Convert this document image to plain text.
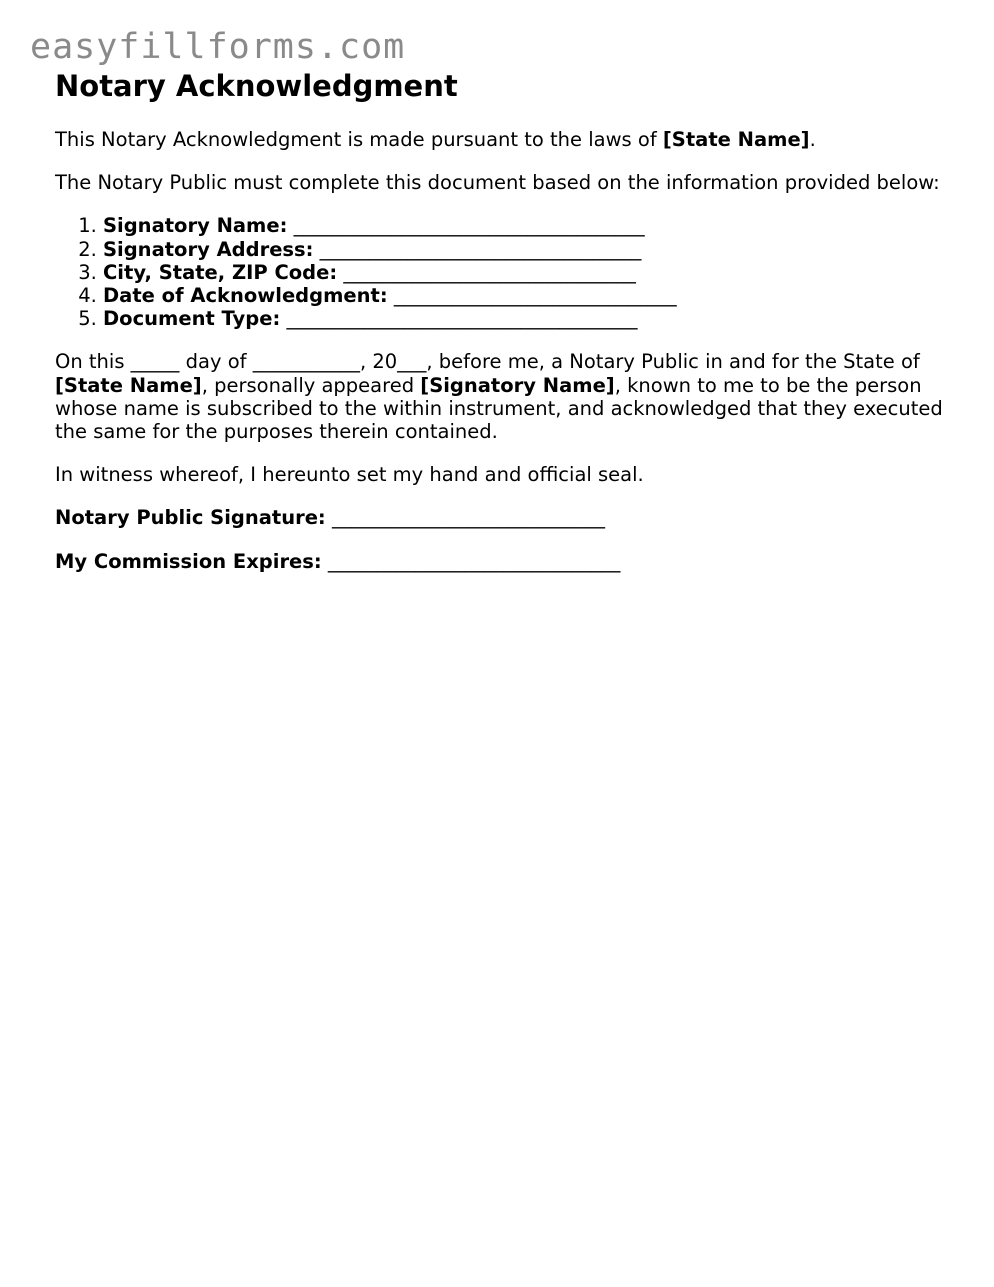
easyfillforms.com
Notary Acknowledgment

This Notary Acknowledgment is made pursuant to the laws of [State Name].

The Notary Public must complete this document based on the information provided below:

1. Signatory Name: ____________________________________
2. Signatory Address: _________________________________
3. City, State, ZIP Code: ______________________________
4. Date of Acknowledgment: _____________________________
5. Document Type: ____________________________________

On this _____ day of ___________, 20___, before me, a Notary Public in and for the State of [State Name], personally appeared [Signatory Name], known to me to be the person whose name is subscribed to the within instrument, and acknowledged that they executed the same for the purposes therein contained.

In witness whereof, I hereunto set my hand and official seal.

Notary Public Signature: ____________________________

My Commission Expires: ______________________________
